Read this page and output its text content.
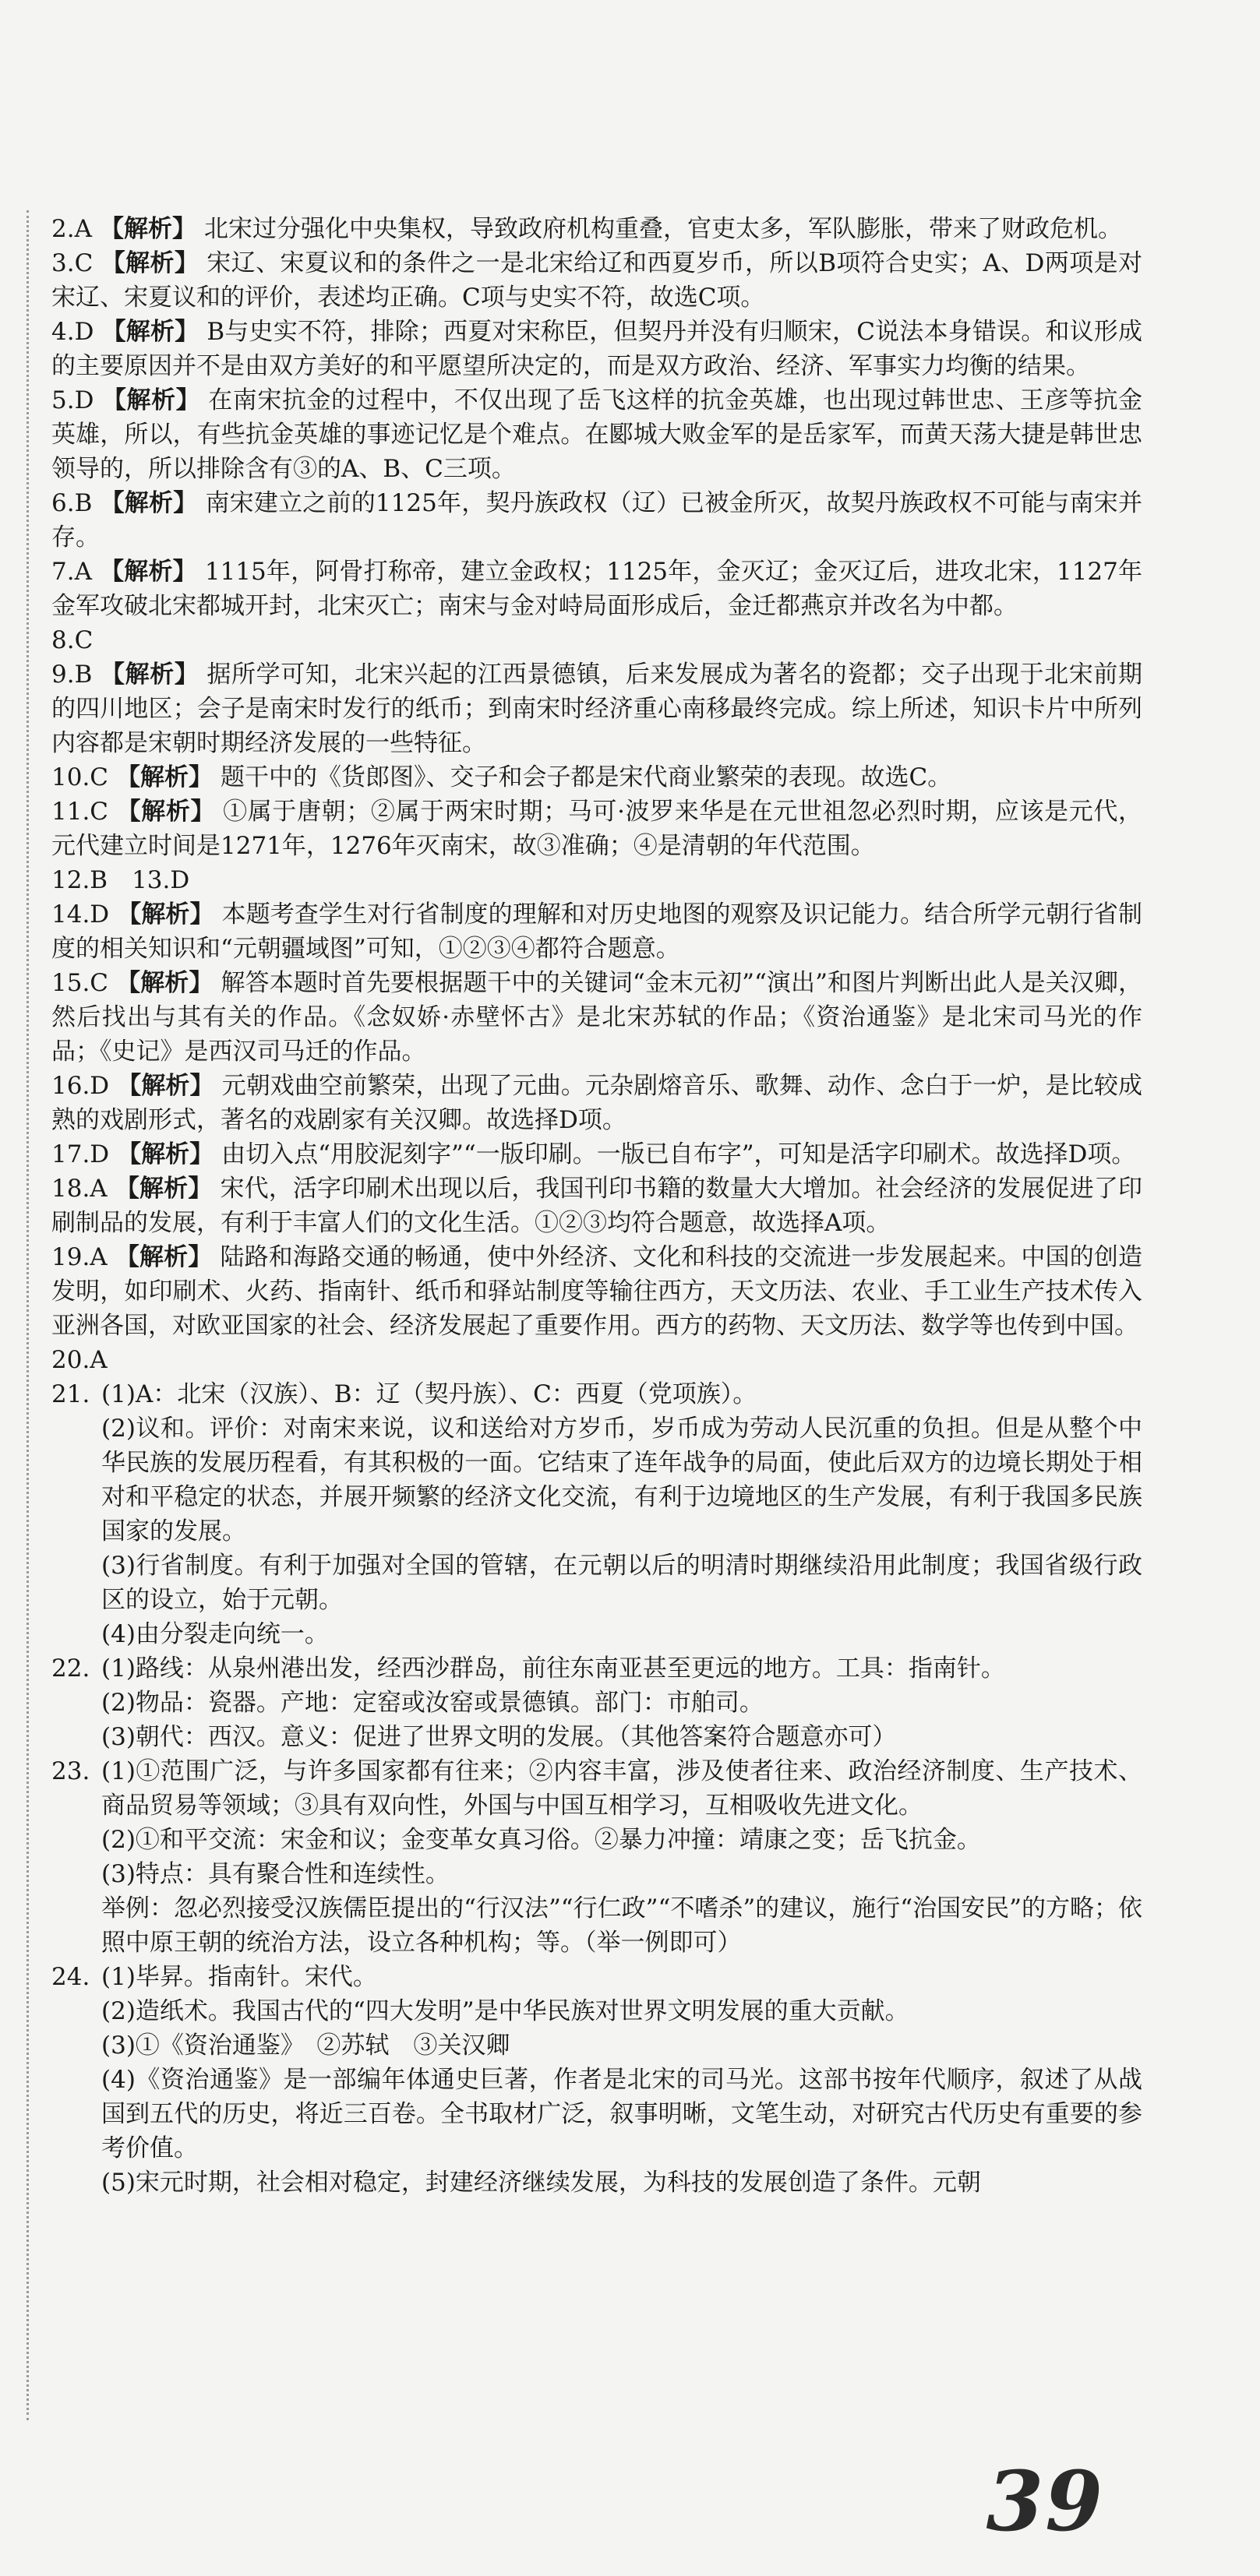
2.A 【解析】 北宋过分强化中央集权，导致政府机构重叠，官吏太多，军队膨胀，带来了财政危机。
3.C 【解析】 宋辽、宋夏议和的条件之一是北宋给辽和西夏岁币，所以B项符合史实；A、D两项是对宋辽、宋夏议和的评价，表述均正确。C项与史实不符，故选C项。
4.D 【解析】 B与史实不符，排除；西夏对宋称臣，但契丹并没有归顺宋，C说法本身错误。和议形成的主要原因并不是由双方美好的和平愿望所决定的，而是双方政治、经济、军事实力均衡的结果。
5.D 【解析】 在南宋抗金的过程中，不仅出现了岳飞这样的抗金英雄，也出现过韩世忠、王彦等抗金英雄，所以，有些抗金英雄的事迹记忆是个难点。在郾城大败金军的是岳家军，而黄天荡大捷是韩世忠领导的，所以排除含有③的A、B、C三项。
6.B 【解析】 南宋建立之前的1125年，契丹族政权（辽）已被金所灭，故契丹族政权不可能与南宋并存。
7.A 【解析】 1115年，阿骨打称帝，建立金政权；1125年，金灭辽；金灭辽后，进攻北宋，1127年金军攻破北宋都城开封，北宋灭亡；南宋与金对峙局面形成后，金迁都燕京并改名为中都。
8.C
9.B 【解析】 据所学可知，北宋兴起的江西景德镇，后来发展成为著名的瓷都；交子出现于北宋前期的四川地区；会子是南宋时发行的纸币；到南宋时经济重心南移最终完成。综上所述，知识卡片中所列内容都是宋朝时期经济发展的一些特征。
10.C 【解析】 题干中的《货郎图》、交子和会子都是宋代商业繁荣的表现。故选C。
11.C 【解析】 ①属于唐朝；②属于两宋时期；马可·波罗来华是在元世祖忽必烈时期，应该是元代，元代建立时间是1271年，1276年灭南宋，故③准确；④是清朝的年代范围。
12.B　13.D
14.D 【解析】 本题考查学生对行省制度的理解和对历史地图的观察及识记能力。结合所学元朝行省制度的相关知识和“元朝疆域图”可知，①②③④都符合题意。
15.C 【解析】 解答本题时首先要根据题干中的关键词“金末元初”“演出”和图片判断出此人是关汉卿，然后找出与其有关的作品。《念奴娇·赤壁怀古》是北宋苏轼的作品；《资治通鉴》是北宋司马光的作品；《史记》是西汉司马迁的作品。
16.D 【解析】 元朝戏曲空前繁荣，出现了元曲。元杂剧熔音乐、歌舞、动作、念白于一炉，是比较成熟的戏剧形式，著名的戏剧家有关汉卿。故选择D项。
17.D 【解析】 由切入点“用胶泥刻字”“一版印刷。一版已自布字”，可知是活字印刷术。故选择D项。
18.A 【解析】 宋代，活字印刷术出现以后，我国刊印书籍的数量大大增加。社会经济的发展促进了印刷制品的发展，有利于丰富人们的文化生活。①②③均符合题意，故选择A项。
19.A 【解析】 陆路和海路交通的畅通，使中外经济、文化和科技的交流进一步发展起来。中国的创造发明，如印刷术、火药、指南针、纸币和驿站制度等输往西方，天文历法、农业、手工业生产技术传入亚洲各国，对欧亚国家的社会、经济发展起了重要作用。西方的药物、天文历法、数学等也传到中国。
20.A
21. (1)A：北宋（汉族）、B：辽（契丹族）、C：西夏（党项族）。
(2)议和。评价：对南宋来说，议和送给对方岁币，岁币成为劳动人民沉重的负担。但是从整个中华民族的发展历程看，有其积极的一面。它结束了连年战争的局面，使此后双方的边境长期处于相对和平稳定的状态，并展开频繁的经济文化交流，有利于边境地区的生产发展，有利于我国多民族国家的发展。
(3)行省制度。有利于加强对全国的管辖，在元朝以后的明清时期继续沿用此制度；我国省级行政区的设立，始于元朝。
(4)由分裂走向统一。
22. (1)路线：从泉州港出发，经西沙群岛，前往东南亚甚至更远的地方。工具：指南针。
(2)物品：瓷器。产地：定窑或汝窑或景德镇。部门：市舶司。
(3)朝代：西汉。意义：促进了世界文明的发展。（其他答案符合题意亦可）
23. (1)①范围广泛，与许多国家都有往来；②内容丰富，涉及使者往来、政治经济制度、生产技术、商品贸易等领域；③具有双向性，外国与中国互相学习，互相吸收先进文化。
(2)①和平交流：宋金和议；金变革女真习俗。②暴力冲撞：靖康之变；岳飞抗金。
(3)特点：具有聚合性和连续性。
举例：忽必烈接受汉族儒臣提出的“行汉法”“行仁政”“不嗜杀”的建议，施行“治国安民”的方略；依照中原王朝的统治方法，设立各种机构；等。（举一例即可）
24. (1)毕昇。指南针。宋代。
(2)造纸术。我国古代的“四大发明”是中华民族对世界文明发展的重大贡献。
(3)①《资治通鉴》　②苏轼　③关汉卿
(4)《资治通鉴》是一部编年体通史巨著，作者是北宋的司马光。这部书按年代顺序，叙述了从战国到五代的历史，将近三百卷。全书取材广泛，叙事明晰，文笔生动，对研究古代历史有重要的参考价值。
(5)宋元时期，社会相对稳定，封建经济继续发展，为科技的发展创造了条件。元朝
39
